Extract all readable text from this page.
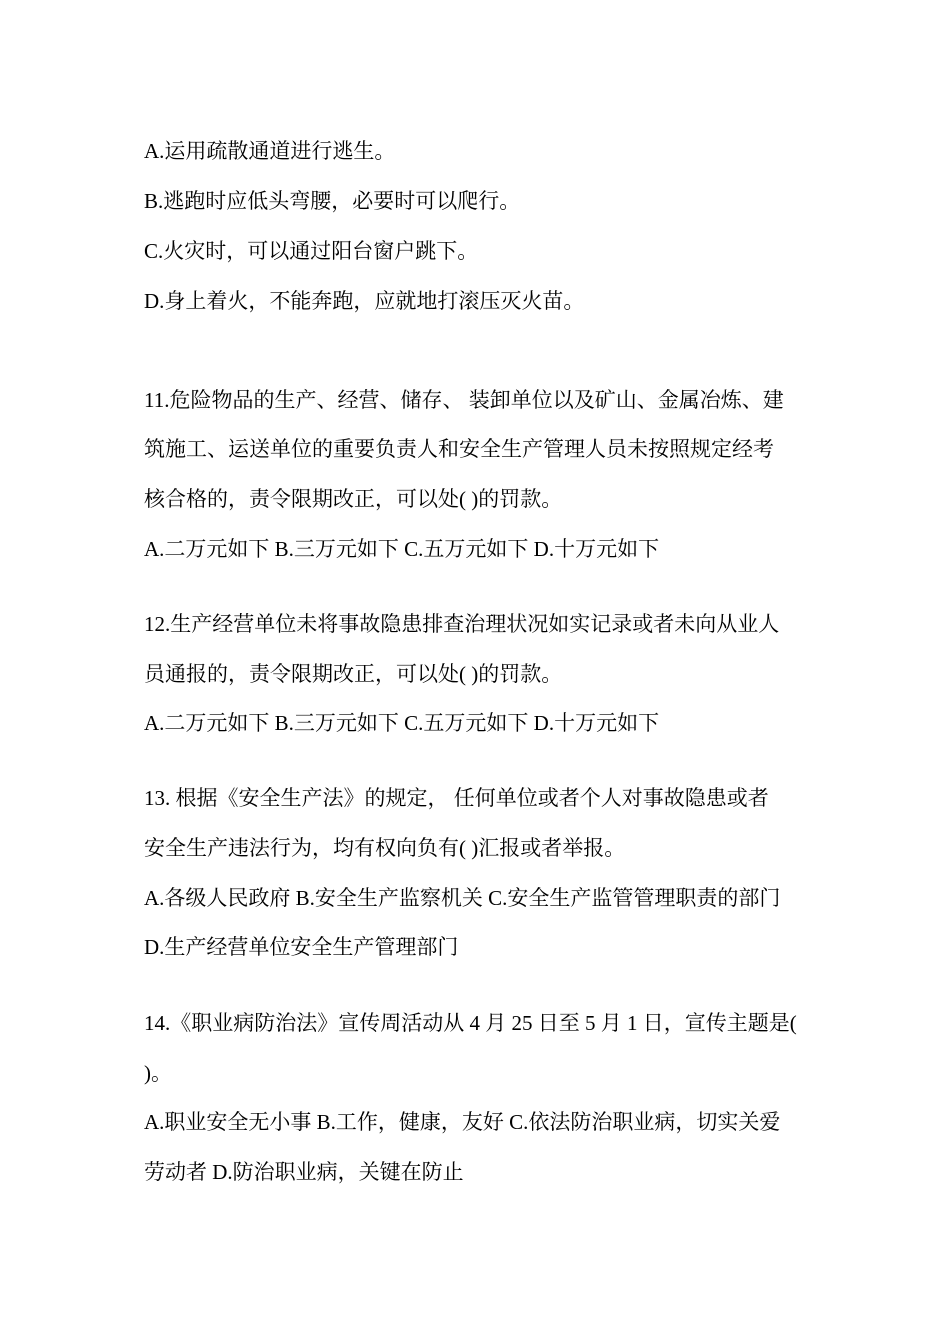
A.运用疏散通道进行逃生。
B.逃跑时应低头弯腰，必要时可以爬行。
C.火灾时，可以通过阳台窗户跳下。
D.身上着火，不能奔跑，应就地打滚压灭火苗。
11.危险物品的生产、经营、储存、 装卸单位以及矿山、金属冶炼、建
筑施工、运送单位的重要负责人和安全生产管理人员未按照规定经考
核合格的，责令限期改正，可以处( )的罚款。
A.二万元如下 B.三万元如下 C.五万元如下 D.十万元如下
12.生产经营单位未将事故隐患排查治理状况如实记录或者未向从业人
员通报的，责令限期改正，可以处( )的罚款。
A.二万元如下 B.三万元如下 C.五万元如下 D.十万元如下
13. 根据《安全生产法》的规定， 任何单位或者个人对事故隐患或者
安全生产违法行为，均有权向负有( )汇报或者举报。
A.各级人民政府 B.安全生产监察机关 C.安全生产监管管理职责的部门
D.生产经营单位安全生产管理部门
14.《职业病防治法》宣传周活动从 4 月 25 日至 5 月 1 日，宣传主题是(
)。
A.职业安全无小事 B.工作，健康，友好 C.依法防治职业病，切实关爱
劳动者 D.防治职业病，关键在防止
